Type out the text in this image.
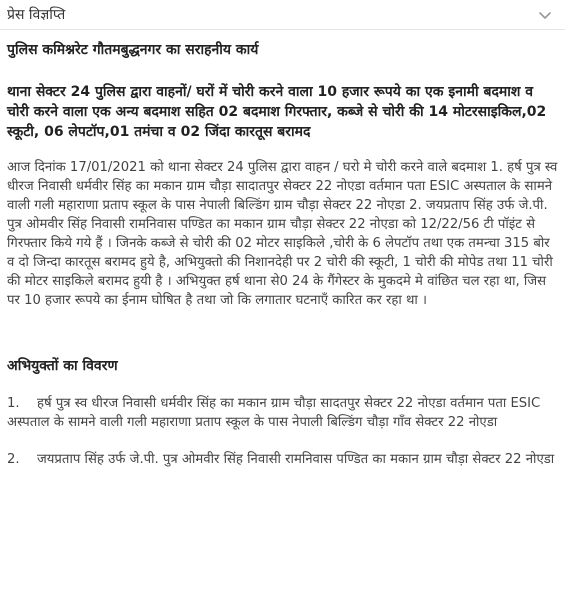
प्रेस विज्ञप्ति
पुलिस कमिश्नरेट गौतमबुद्धनगर का सराहनीय कार्य
थाना सेक्टर 24 पुलिस द्वारा वाहनों/ घरों में चोरी करने वाला 10 हजार रूपये का एक इनामी बदमाश व चोरी करने वाला एक अन्य बदमाश सहित 02 बदमाश गिरफ्तार, कब्जे से चोरी की 14 मोटरसाइकिल,02 स्कूटी, 06 लेपटॉप,01 तमंचा व 02 जिंदा कारतूस बरामद
आज दिनांक 17/01/2021 को थाना सेक्टर 24 पुलिस द्वारा वाहन / घरो मे चोरी करने वाले बदमाश 1. हर्ष पुत्र स्व धीरज निवासी धर्मवीर सिंह का मकान ग्राम चौड़ा सादातपुर सेक्टर 22 नोएडा वर्तमान पता ESIC अस्पताल के सामने वाली गली महाराणा प्रताप स्कूल के पास नेपाली बिल्डिंग ग्राम चौड़ा सेक्टर 22 नोएडा 2. जयप्रताप सिंह उर्फ जे.पी. पुत्र ओमवीर सिंह निवासी रामनिवास पण्डित का मकान ग्राम चौड़ा सेक्टर 22 नोएडा को 12/22/56 टी पॉइंट से गिरफ्तार किये गये हैं । जिनके कब्जे से चोरी की 02 मोटर साइकिले ,चोरी के 6 लेपटॉप तथा एक तमन्चा 315 बोर व दो जिन्दा कारतूस बरामद हुये है, अभियुक्तो की निशानदेही पर 2 चोरी की स्कूटी, 1 चोरी की मोपेड तथा 11 चोरी की मोटर साइकिले बरामद हुयी है । अभियुक्त हर्ष थाना से0 24 के गैंगेस्टर के मुकदमे मे वांछित चल रहा था, जिस पर 10 हजार रूपये का ईनाम घोषित है तथा जो कि लगातार घटनाएँ कारित कर रहा था ।
अभियुक्तों का विवरण
1. हर्ष पुत्र स्व धीरज निवासी धर्मवीर सिंह का मकान ग्राम चौड़ा सादतपुर सेक्टर 22 नोएडा वर्तमान पता ESIC अस्पताल के सामने वाली गली महाराणा प्रताप स्कूल के पास नेपाली बिल्डिंग चौड़ा गाँव सेक्टर 22 नोएडा
2. जयप्रताप सिंह उर्फ जे.पी. पुत्र ओमवीर सिंह निवासी रामनिवास पण्डित का मकान ग्राम चौड़ा सेक्टर 22 नोएडा
